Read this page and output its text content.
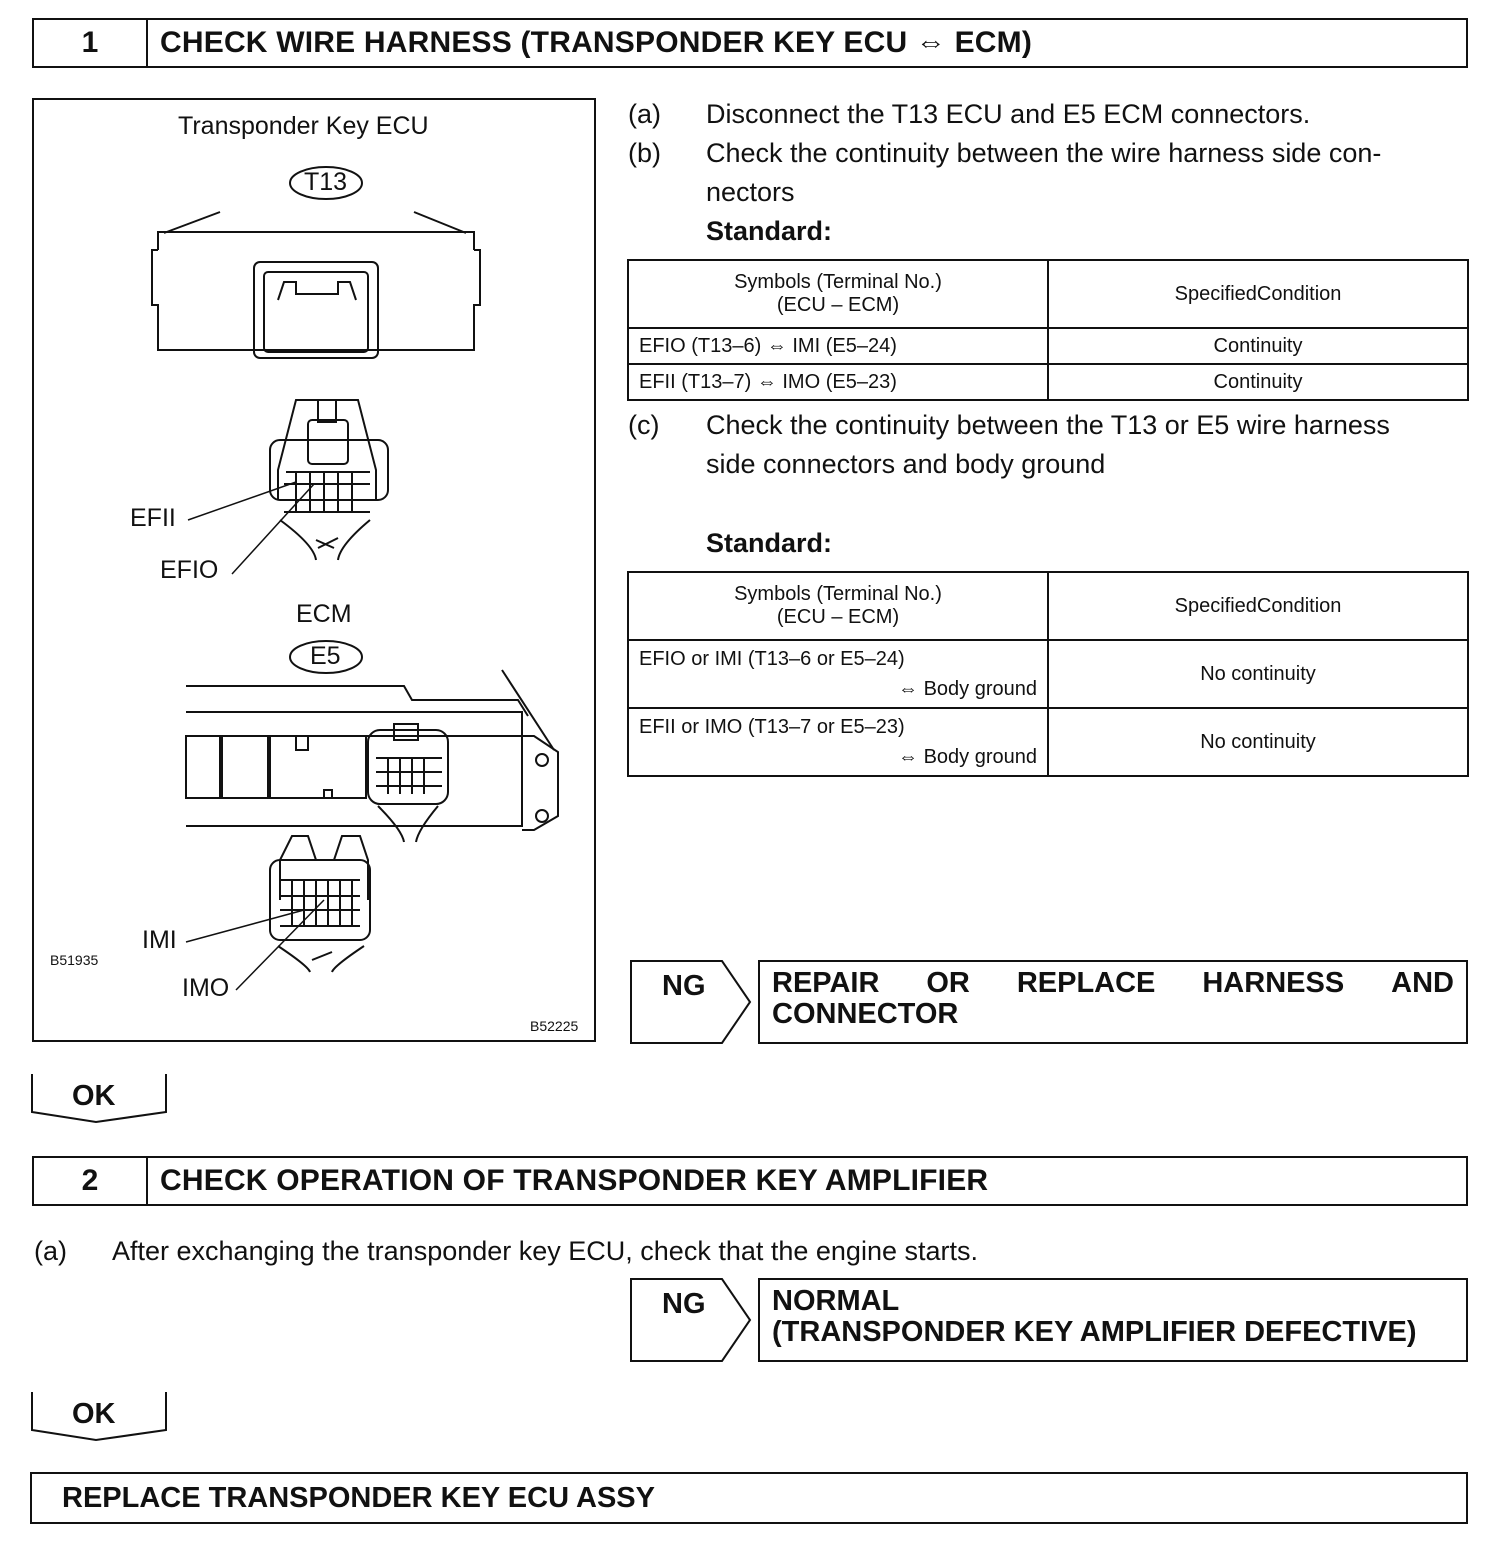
1	CHECK WIRE HARNESS (TRANSPONDER KEY ECU ⇔ ECM)
Transponder Key ECU
T13
EFII
EFIO
ECM
E5
IMI
IMO
B51935
B52225
(a) Disconnect the T13 ECU and E5 ECM connectors.
(b) Check the continuity between the wire harness side con-
nectors
Standard:
Symbols (Terminal No.)
(ECU – ECM)	SpecifiedCondition
EFIO (T13–6) ⇔ IMI (E5–24)	Continuity
EFII (T13–7) ⇔ IMO (E5–23)	Continuity
(c) Check the continuity between the T13 or E5 wire harness
side connectors and body ground
Standard:
Symbols (Terminal No.)
(ECU – ECM)	SpecifiedCondition
EFIO or IMI (T13–6 or E5–24)
⇔ Body ground	No continuity
EFII or IMO (T13–7 or E5–23)
⇔ Body ground	No continuity
NG REPAIR OR REPLACE HARNESS AND
CONNECTOR
OK
2	CHECK OPERATION OF TRANSPONDER KEY AMPLIFIER
(a) After exchanging the transponder key ECU, check that the engine starts.
NG NORMAL
(TRANSPONDER KEY AMPLIFIER DEFECTIVE)
OK
REPLACE TRANSPONDER KEY ECU ASSY
